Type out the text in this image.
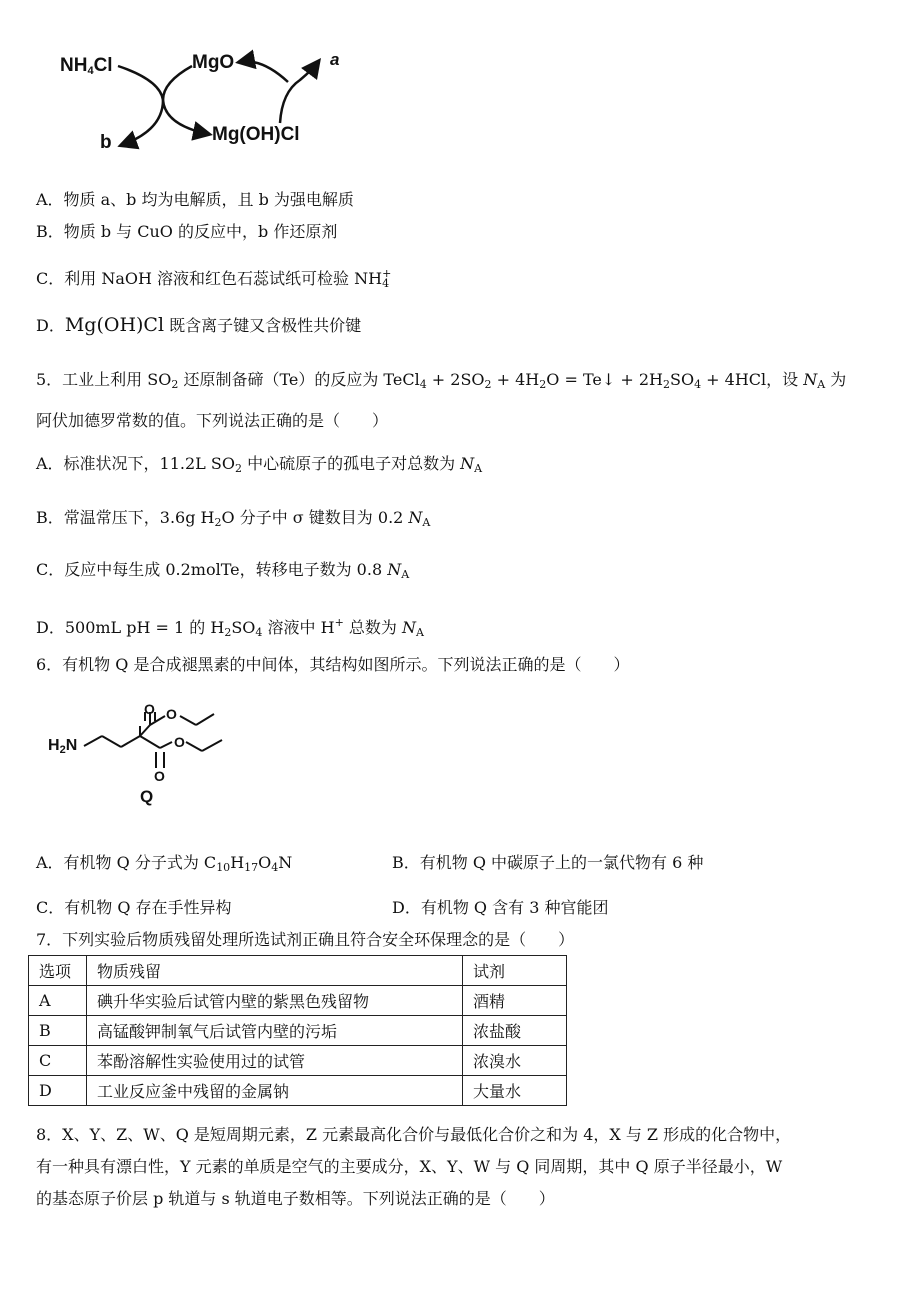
$NH_4Cl$	MgO	a
b	Mg(OH)Cl
A．物质 a、b 均为电解质，且 b 为强电解质
B．物质 b 与 CuO 的反应中，b 作还原剂
C．利用 NaOH 溶液和红色石蕊试纸可检验 $NH_4^+$
D．Mg(OH)Cl 既含离子键又含极性共价键
5．工业上利用 $SO_2$ 还原制备碲（Te）的反应为 TeCl$_4$ + $2SO_2 + 4H_2O$ = Te↓ + $2H_2SO_4 + 4HCl$，设 $N_A$ 为
阿伏加德罗常数的值。下列说法正确的是（　　）
A．标准状况下，11.2L $SO_2$ 中心硫原子的孤电子对总数为 $N_A$
B．常温常压下，3.6g $H_2O$ 分子中 σ 键数目为 0.2 $N_A$
C．反应中每生成 0.2molTe，转移电子数为 0.8 $N_A$
D．500mL pH = 1 的 $H_2SO_4$ 溶液中 H+ 总数为 $N_A$
6．有机物 Q 是合成褪黑素的中间体，其结构如图所示。下列说法正确的是（　　）
$H_2N$
O O
O
O
Q
A．有机物 Q 分子式为 $C_{10}H_{17}O_4N$	B．有机物 Q 中碳原子上的一氯代物有 6 种
C．有机物 Q 存在手性异构	D．有机物 Q 含有 3 种官能团
7．下列实验后物质残留处理所选试剂正确且符合安全环保理念的是（　　）
选项	物质残留	试剂
A	碘升华实验后试管内壁的紫黑色残留物	酒精
B	高锰酸钾制氧气后试管内壁的污垢	浓盐酸
C	苯酚溶解性实验使用过的试管	浓溴水
D	工业反应釜中残留的金属钠	大量水
8．X、Y、Z、W、Q 是短周期元素，Z 元素最高化合价与最低化合价之和为 4，X 与 Z 形成的化合物中，
有一种具有漂白性，Y 元素的单质是空气的主要成分，X、Y、W 与 Q 同周期，其中 Q 原子半径最小，W
的基态原子价层 p 轨道与 s 轨道电子数相等。下列说法正确的是（　　）
